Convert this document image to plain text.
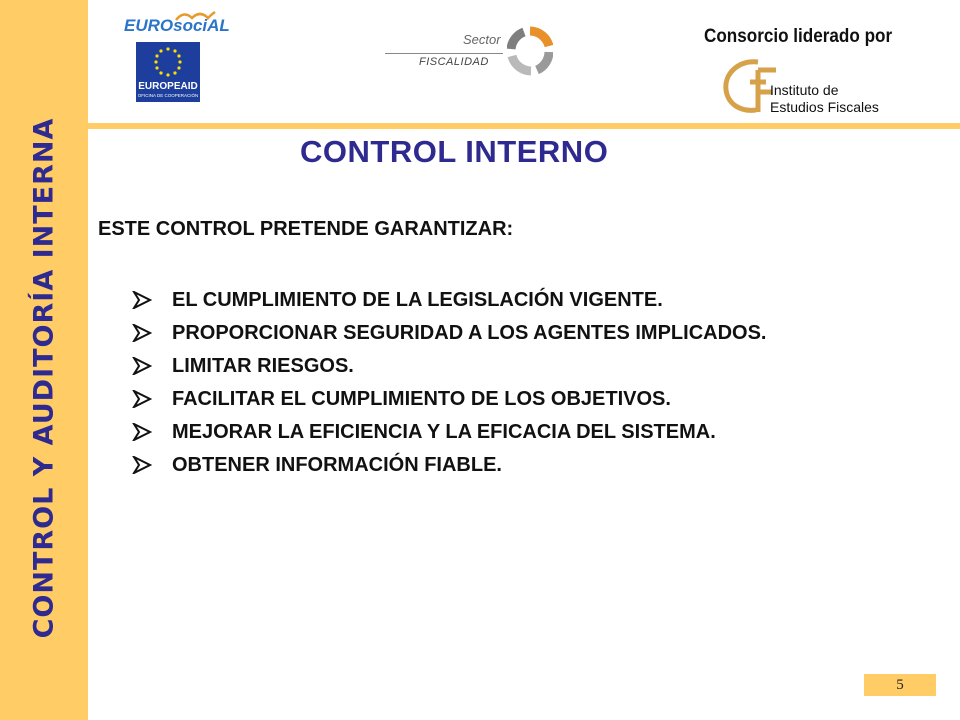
CONTROL Y AUDITORÍA INTERNA
EUROsociAL
EUROPEAID
OFICINA DE COOPERACIÓN
Sector
FISCALIDAD
Consorcio liderado por
Instituto de
Estudios Fiscales
CONTROL INTERNO
ESTE CONTROL PRETENDE GARANTIZAR:
EL CUMPLIMIENTO DE LA LEGISLACIÓN VIGENTE.
PROPORCIONAR SEGURIDAD A LOS AGENTES IMPLICADOS.
LIMITAR RIESGOS.
FACILITAR EL CUMPLIMIENTO DE LOS OBJETIVOS.
MEJORAR LA EFICIENCIA Y LA EFICACIA DEL SISTEMA.
OBTENER INFORMACIÓN FIABLE.
5
